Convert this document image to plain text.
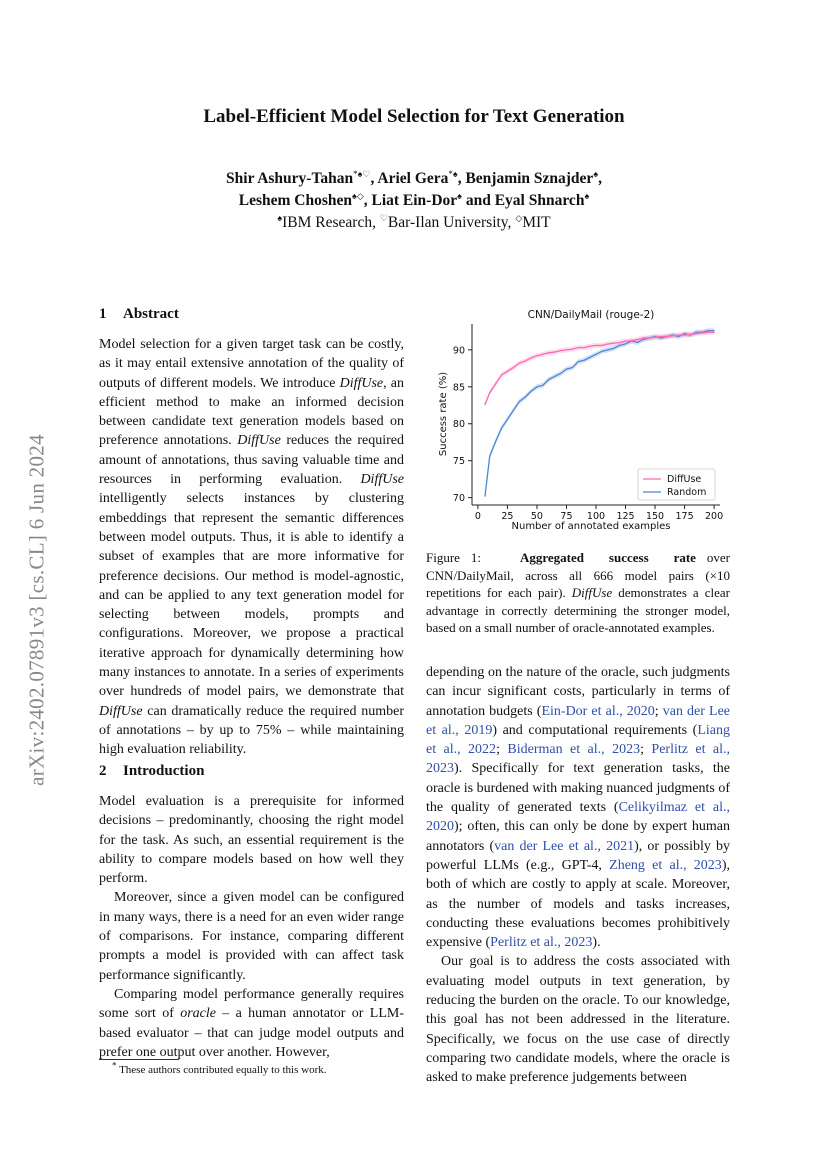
arXiv:2402.07891v3 [cs.CL] 6 Jun 2024
Label-Efficient Model Selection for Text Generation
Shir Ashury-Tahan*♠♡, Ariel Gera*♠, Benjamin Sznajder♠,
Leshem Choshen♠◇, Liat Ein-Dor♠ and Eyal Shnarch♠
♠IBM Research, ♡Bar-Ilan University, ◇MIT
1 Abstract

Model selection for a given target task can be costly, as it may entail extensive annotation of the quality of outputs of different models. We introduce DiffUse, an efficient method to make an informed decision between candidate text generation models based on preference annotations. DiffUse reduces the required amount of annotations, thus saving valuable time and resources in performing evaluation. DiffUse intelligently selects instances by clustering embeddings that represent the semantic differences between model outputs. Thus, it is able to identify a subset of examples that are more informative for preference decisions. Our method is model-agnostic, and can be applied to any text generation model for selecting between models, prompts and configurations. Moreover, we propose a practical iterative approach for dynamically determining how many instances to annotate. In a series of experiments over hundreds of model pairs, we demonstrate that DiffUse can dramatically reduce the required number of annotations – by up to 75% – while maintaining high evaluation reliability.

2 Introduction

Model evaluation is a prerequisite for informed decisions – predominantly, choosing the right model for the task. As such, an essential requirement is the ability to compare models based on how well they perform.

Moreover, since a given model can be configured in many ways, there is a need for an even wider range of comparisons. For instance, comparing different prompts a model is provided with can affect task performance significantly.

Comparing model performance generally requires some sort of oracle – a human annotator or LLM-based evaluator – that can judge model outputs and prefer one output over another. However,

* These authors contributed equally to this work.
CNN/DailyMail (rouge-2)
Success rate (%)
Number of annotated examples
70
75
80
85
90
0 25 50 75 100 125 150 175 200
DiffUse
Random
Figure 1:	Aggregated success rate over CNN/DailyMail, across all 666 model pairs (×10 repetitions for each pair). DiffUse demonstrates a clear advantage in correctly determining the stronger model, based on a small number of oracle-annotated examples.

depending on the nature of the oracle, such judgments can incur significant costs, particularly in terms of annotation budgets (Ein-Dor et al., 2020; van der Lee et al., 2019) and computational requirements (Liang et al., 2022; Biderman et al., 2023; Perlitz et al., 2023). Specifically for text generation tasks, the oracle is burdened with making nuanced judgments of the quality of generated texts (Celikyilmaz et al., 2020); often, this can only be done by expert human annotators (van der Lee et al., 2021), or possibly by powerful LLMs (e.g., GPT-4, Zheng et al., 2023), both of which are costly to apply at scale. Moreover, as the number of models and tasks increases, conducting these evaluations becomes prohibitively expensive (Perlitz et al., 2023).

Our goal is to address the costs associated with evaluating model outputs in text generation, by reducing the burden on the oracle. To our knowledge, this goal has not been addressed in the literature. Specifically, we focus on the use case of directly comparing two candidate models, where the oracle is asked to make preference judgements between
